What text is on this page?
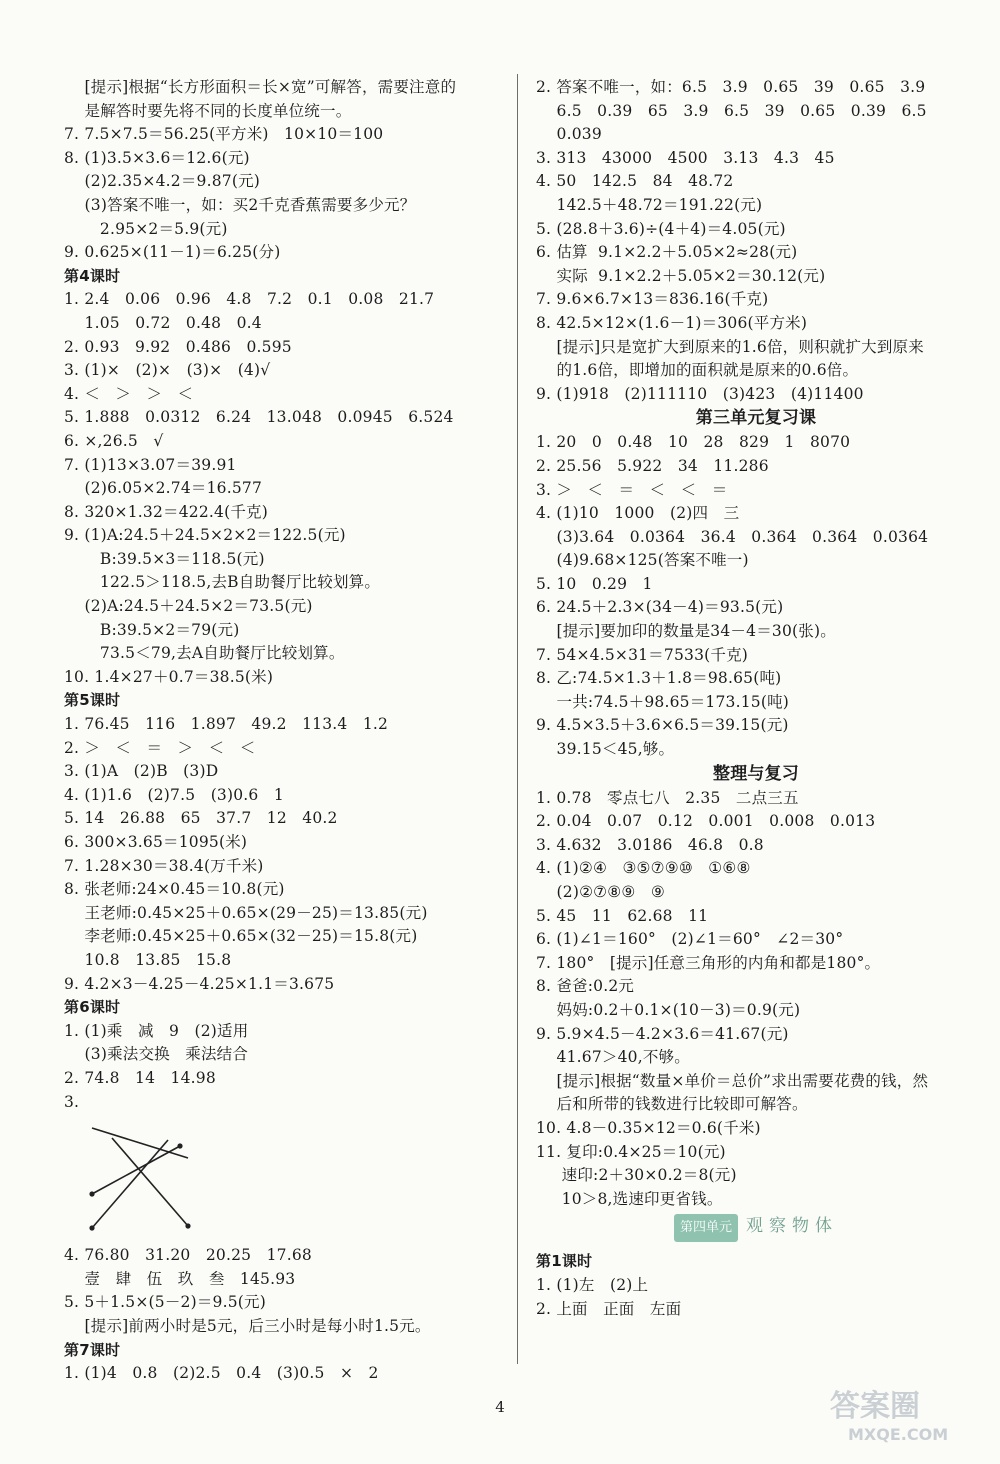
[提示]根据“长方形面积＝长×宽”可解答，需要注意的
是解答时要先将不同的长度单位统一。
7. 7.5×7.5＝56.25(平方米)   10×10＝100
8. (1)3.5×3.6＝12.6(元)
(2)2.35×4.2＝9.87(元)
(3)答案不唯一，如：买2千克香蕉需要多少元？
2.95×2＝5.9(元)
9. 0.625×(11－1)＝6.25(分)
第4课时
1. 2.4   0.06   0.96   4.8   7.2   0.1   0.08   21.7
1.05   0.72   0.48   0.4
2. 0.93   9.92   0.486   0.595
3. (1)×   (2)×   (3)×   (4)√
4. ＜   ＞   ＞   ＜
5. 1.888   0.0312   6.24   13.048   0.0945   6.524
6. ×,26.5   √
7. (1)13×3.07＝39.91
(2)6.05×2.74＝16.577
8. 320×1.32＝422.4(千克)
9. (1)A:24.5＋24.5×2×2＝122.5(元)
B:39.5×3＝118.5(元)
122.5＞118.5,去B自助餐厅比较划算。
(2)A:24.5＋24.5×2＝73.5(元)
B:39.5×2＝79(元)
73.5＜79,去A自助餐厅比较划算。
10. 1.4×27＋0.7＝38.5(米)
第5课时
1. 76.45   116   1.897   49.2   113.4   1.2
2. ＞   ＜   ＝   ＞   ＜   ＜
3. (1)A   (2)B   (3)D
4. (1)1.6   (2)7.5   (3)0.6   1
5. 14   26.88   65   37.7   12   40.2
6. 300×3.65＝1095(米)
7. 1.28×30＝38.4(万千米)
8. 张老师:24×0.45＝10.8(元)
王老师:0.45×25＋0.65×(29－25)＝13.85(元)
李老师:0.45×25＋0.65×(32－25)＝15.8(元)
10.8   13.85   15.8
9. 4.2×3－4.25－4.25×1.1＝3.675
第6课时
1. (1)乘   减   9   (2)适用
(3)乘法交换   乘法结合
2. 74.8   14   14.98
3.
4. 76.80   31.20   20.25   17.68
壹   肆   伍   玖   叁   145.93
5. 5＋1.5×(5－2)＝9.5(元)
[提示]前两小时是5元，后三小时是每小时1.5元。
第7课时
1. (1)4   0.8   (2)2.5   0.4   (3)0.5   ×   2
2. 答案不唯一，如：6.5   3.9   0.65   39   0.65   3.9
6.5   0.39   65   3.9   6.5   39   0.65   0.39   6.5
0.039
3. 313   43000   4500   3.13   4.3   45
4. 50   142.5   84   48.72
142.5＋48.72＝191.22(元)
5. (28.8＋3.6)÷(4＋4)＝4.05(元)
6. 估算  9.1×2.2＋5.05×2≈28(元)
实际  9.1×2.2＋5.05×2＝30.12(元)
7. 9.6×6.7×13＝836.16(千克)
8. 42.5×12×(1.6－1)＝306(平方米)
[提示]只是宽扩大到原来的1.6倍，则积就扩大到原来
的1.6倍，即增加的面积就是原来的0.6倍。
9. (1)918   (2)111110   (3)423   (4)11400
第三单元复习课
1. 20   0   0.48   10   28   829   1   8070
2. 25.56   5.922   34   11.286
3. ＞   ＜   ＝   ＜   ＜   ＝
4. (1)10   1000   (2)四   三
(3)3.64   0.0364   36.4   0.364   0.364   0.0364
(4)9.68×125(答案不唯一)
5. 10   0.29   1
6. 24.5＋2.3×(34－4)＝93.5(元)
[提示]要加印的数量是34－4＝30(张)。
7. 54×4.5×31＝7533(千克)
8. 乙:74.5×1.3＋1.8＝98.65(吨)
一共:74.5＋98.65＝173.15(吨)
9. 4.5×3.5＋3.6×6.5＝39.15(元)
39.15＜45,够。
整理与复习
1. 0.78   零点七八   2.35   二点三五
2. 0.04   0.07   0.12   0.001   0.008   0.013
3. 4.632   3.0186   46.8   0.8
4. (1)②④   ③⑤⑦⑨⑩   ①⑥⑧
(2)②⑦⑧⑨   ⑨
5. 45   11   62.68   11
6. (1)∠1＝160°   (2)∠1＝60°   ∠2＝30°
7. 180°   [提示]任意三角形的内角和都是180°。
8. 爸爸:0.2元
妈妈:0.2＋0.1×(10－3)＝0.9(元)
9. 5.9×4.5－4.2×3.6＝41.67(元)
41.67＞40,不够。
[提示]根据“数量×单价＝总价”求出需要花费的钱，然
后和所带的钱数进行比较即可解答。
10. 4.8－0.35×12＝0.6(千米)
11. 复印:0.4×25＝10(元)
速印:2＋30×0.2＝8(元)
10＞8,选速印更省钱。
第四单元 观察物体
第1课时
1. (1)左   (2)上
2. 上面   正面   左面
4	答案圈
MXQE.COM
